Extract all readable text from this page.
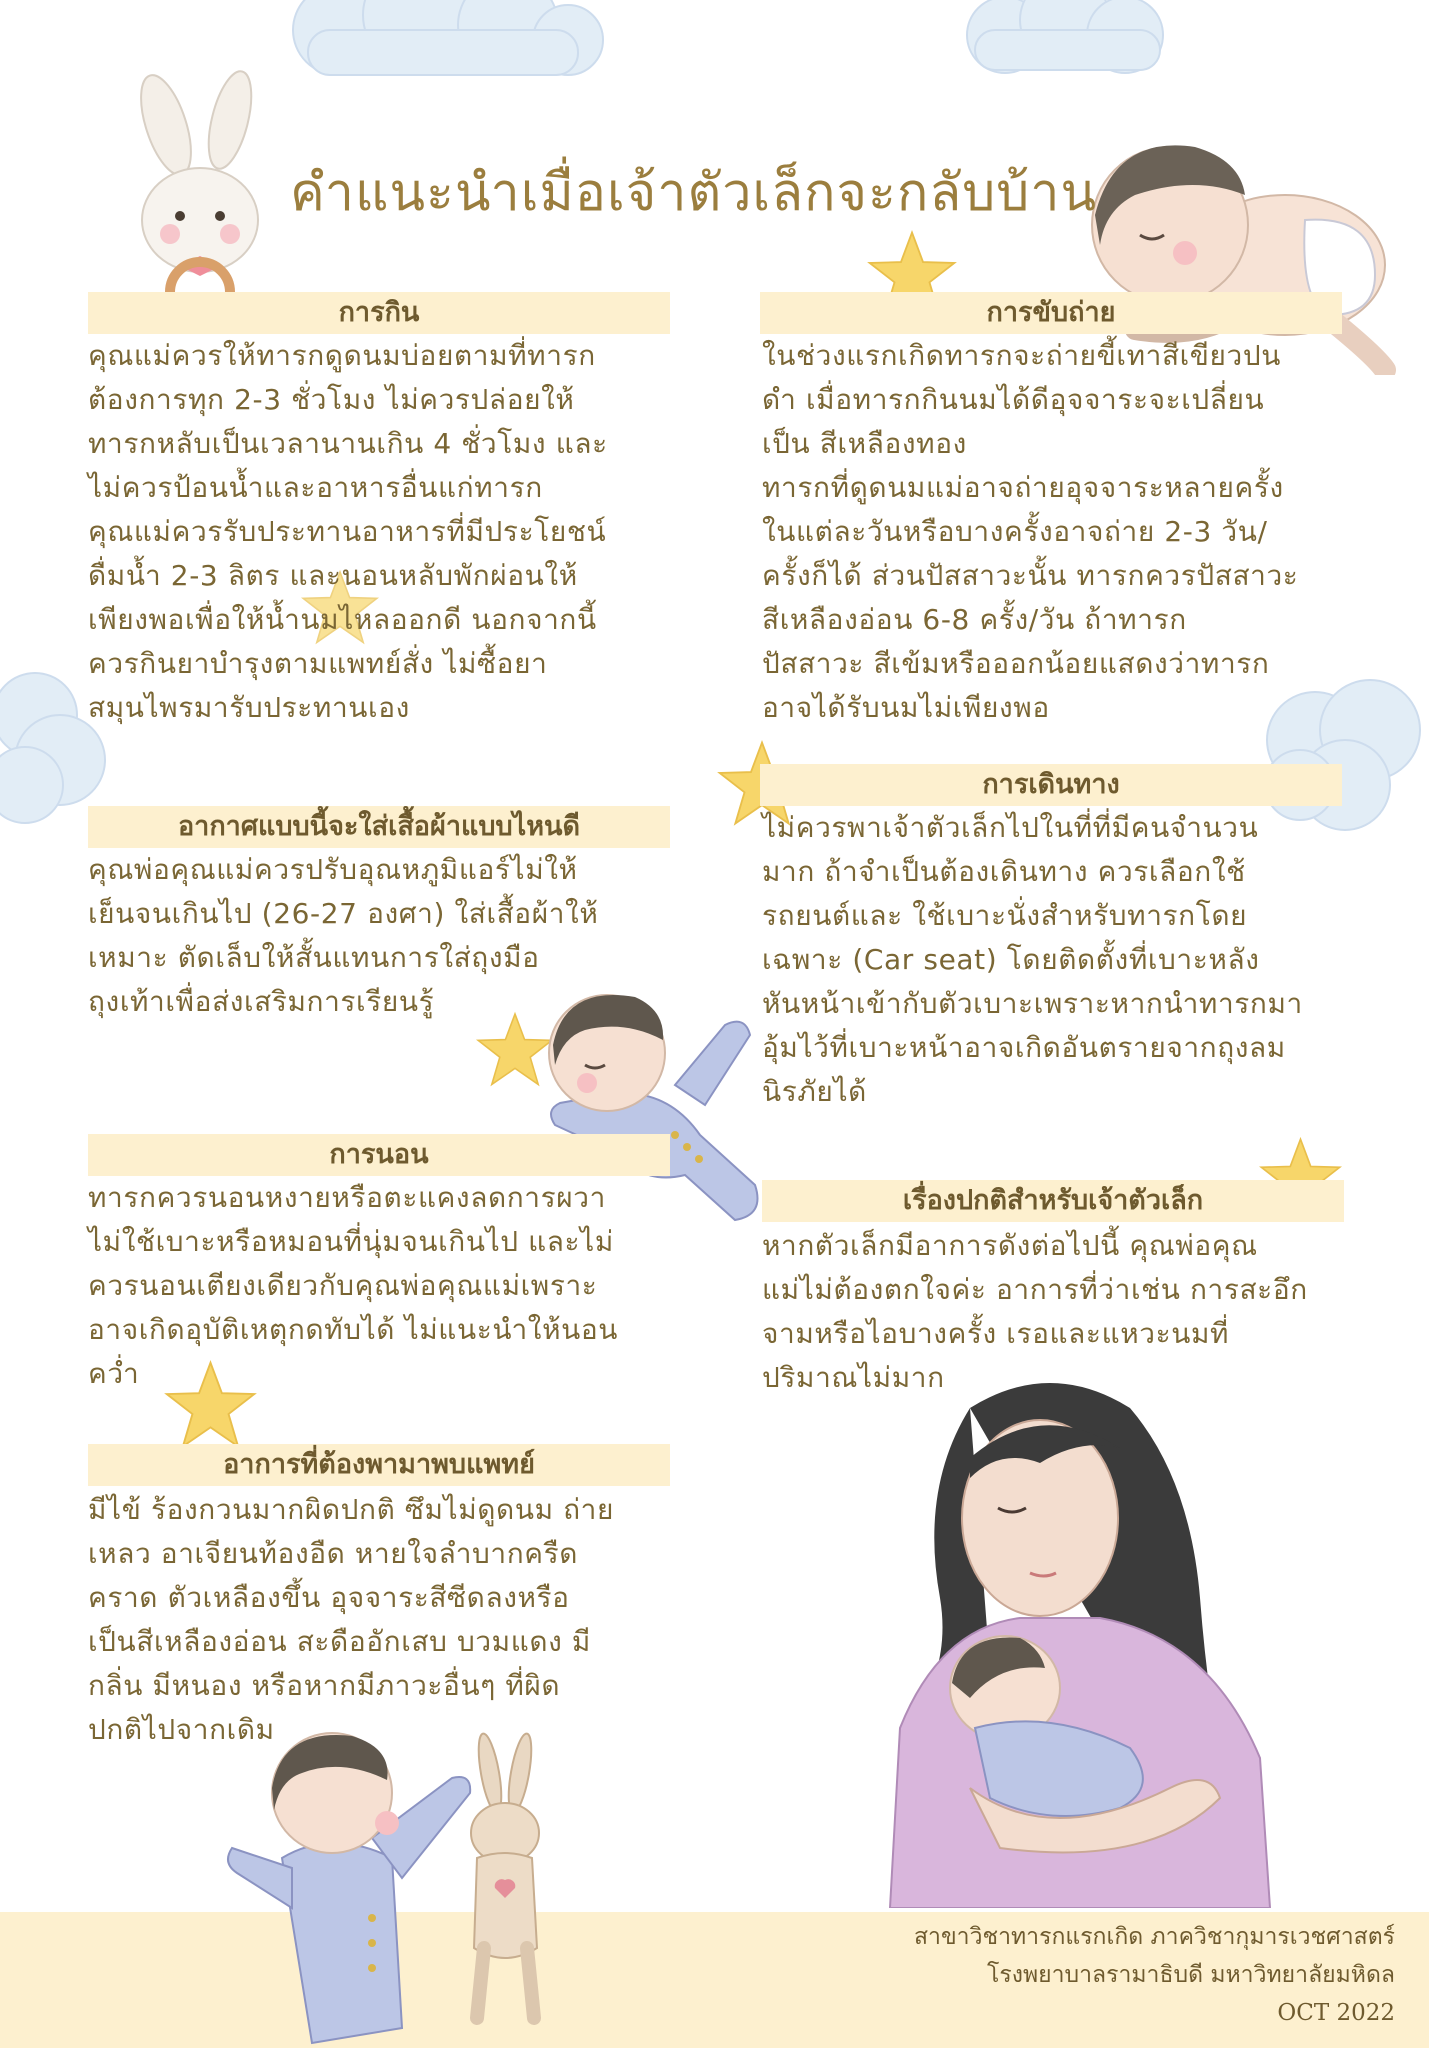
คำแนะนำเมื่อเจ้าตัวเล็กจะกลับบ้าน
การกิน

คุณแม่ควรให้ทารกดูดนมบ่อยตามที่ทารก

ต้องการทุก 2-3 ชั่วโมง ไม่ควรปล่อยให้

ทารกหลับเป็นเวลานานเกิน 4 ชั่วโมง และ

ไม่ควรป้อนน้ำและอาหารอื่นแก่ทารก

คุณแม่ควรรับประทานอาหารที่มีประโยชน์

ดื่มน้ำ 2-3 ลิตร และนอนหลับพักผ่อนให้

เพียงพอเพื่อให้น้ำนมไหลออกดี นอกจากนี้

ควรกินยาบำรุงตามแพทย์สั่ง ไม่ซื้อยา

สมุนไพรมารับประทานเอง

การขับถ่าย

ในช่วงแรกเกิดทารกจะถ่ายขี้เทาสีเขียวปน

ดำ เมื่อทารกกินนมได้ดีอุจจาระจะเปลี่ยน

เป็น สีเหลืองทอง

ทารกที่ดูดนมแม่อาจถ่ายอุจจาระหลายครั้ง

ในแต่ละวันหรือบางครั้งอาจถ่าย 2-3 วัน/

ครั้งก็ได้ ส่วนปัสสาวะนั้น ทารกควรปัสสาวะ

สีเหลืองอ่อน 6-8 ครั้ง/วัน ถ้าทารก

ปัสสาวะ สีเข้มหรือออกน้อยแสดงว่าทารก

อาจได้รับนมไม่เพียงพอ

อากาศแบบนี้จะใส่เสื้อผ้าแบบไหนดี

คุณพ่อคุณแม่ควรปรับอุณหภูมิแอร์ไม่ให้

เย็นจนเกินไป (26-27 องศา) ใส่เสื้อผ้าให้

เหมาะ ตัดเล็บให้สั้นแทนการใส่ถุงมือ

ถุงเท้าเพื่อส่งเสริมการเรียนรู้

การเดินทาง

ไม่ควรพาเจ้าตัวเล็กไปในที่ที่มีคนจำนวน

มาก ถ้าจำเป็นต้องเดินทาง ควรเลือกใช้

รถยนต์และ ใช้เบาะนั่งสำหรับทารกโดย

เฉพาะ (Car seat) โดยติดตั้งที่เบาะหลัง

หันหน้าเข้ากับตัวเบาะเพราะหากนำทารกมา

อุ้มไว้ที่เบาะหน้าอาจเกิดอันตรายจากถุงลม

นิรภัยได้

การนอน

ทารกควรนอนหงายหรือตะแคงลดการผวา

ไม่ใช้เบาะหรือหมอนที่นุ่มจนเกินไป และไม่

ควรนอนเตียงเดียวกับคุณพ่อคุณแม่เพราะ

อาจเกิดอุบัติเหตุกดทับได้ ไม่แนะนำให้นอน

คว่ำ

เรื่องปกติสำหรับเจ้าตัวเล็ก

หากตัวเล็กมีอาการดังต่อไปนี้ คุณพ่อคุณ

แม่ไม่ต้องตกใจค่ะ อาการที่ว่าเช่น การสะอึก

จามหรือไอบางครั้ง เรอและแหวะนมที่

ปริมาณไม่มาก

อาการที่ต้องพามาพบแพทย์

มีไข้ ร้องกวนมากผิดปกติ ซึมไม่ดูดนม ถ่าย

เหลว อาเจียนท้องอืด หายใจลำบากครืด

คราด ตัวเหลืองขึ้น อุจจาระสีซีดลงหรือ

เป็นสีเหลืองอ่อน สะดืออักเสบ บวมแดง มี

กลิ่น มีหนอง หรือหากมีภาวะอื่นๆ ที่ผิด

ปกติไปจากเดิม

สาขาวิชาทารกแรกเกิด ภาควิชากุมารเวชศาสตร์
โรงพยาบาลรามาธิบดี มหาวิทยาลัยมหิดล
OCT 2022
